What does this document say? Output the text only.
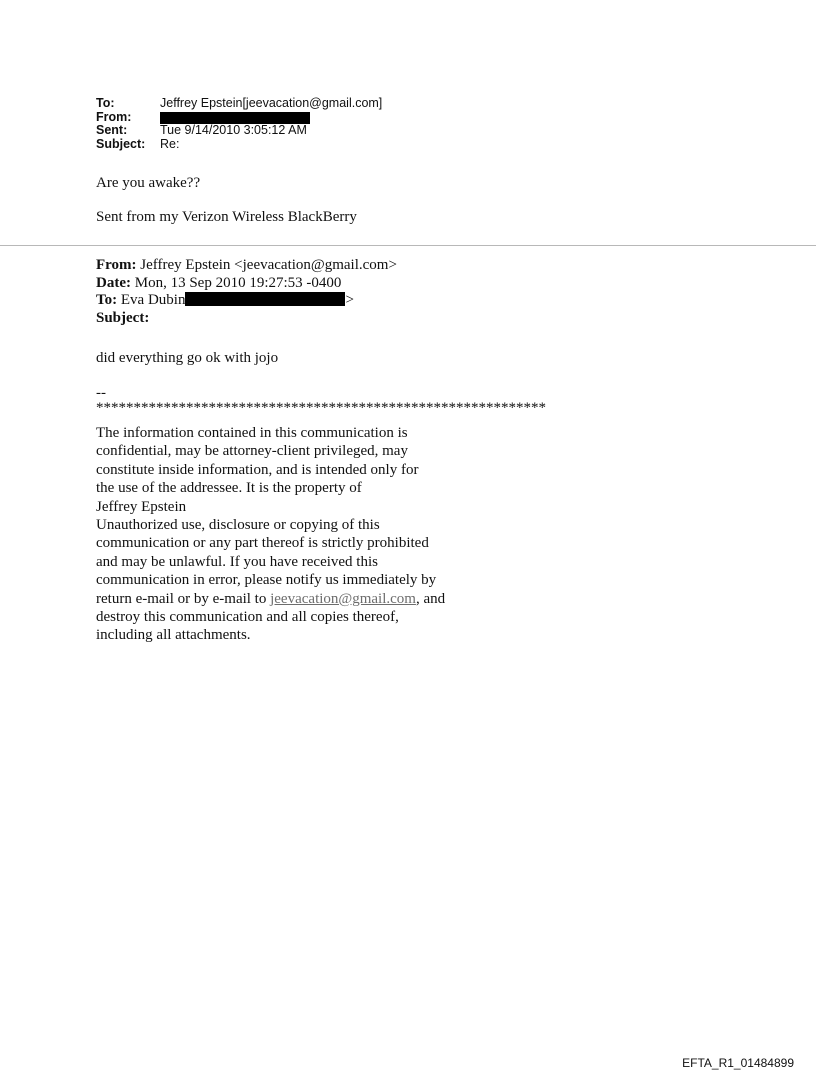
To:	Jeffrey Epstein[jeevacation@gmail.com]
From:
Sent:	Tue 9/14/2010 3:05:12 AM
Subject:	Re:
Are you awake??
Sent from my Verizon Wireless BlackBerry
From: Jeffrey Epstein <jeevacation@gmail.com>
Date: Mon, 13 Sep 2010 19:27:53 -0400
To: Eva Dubin	>
Subject:
did everything go ok with jojo
--
************************************************************
The information contained in this communication is
confidential, may be attorney-client privileged, may
constitute inside information, and is intended only for
the use of the addressee. It is the property of
Jeffrey Epstein
Unauthorized use, disclosure or copying of this
communication or any part thereof is strictly prohibited
and may be unlawful. If you have received this
communication in error, please notify us immediately by
return e-mail or by e-mail to jeevacation@gmail.com, and
destroy this communication and all copies thereof,
including all attachments.
EFTA_R1_01484899
